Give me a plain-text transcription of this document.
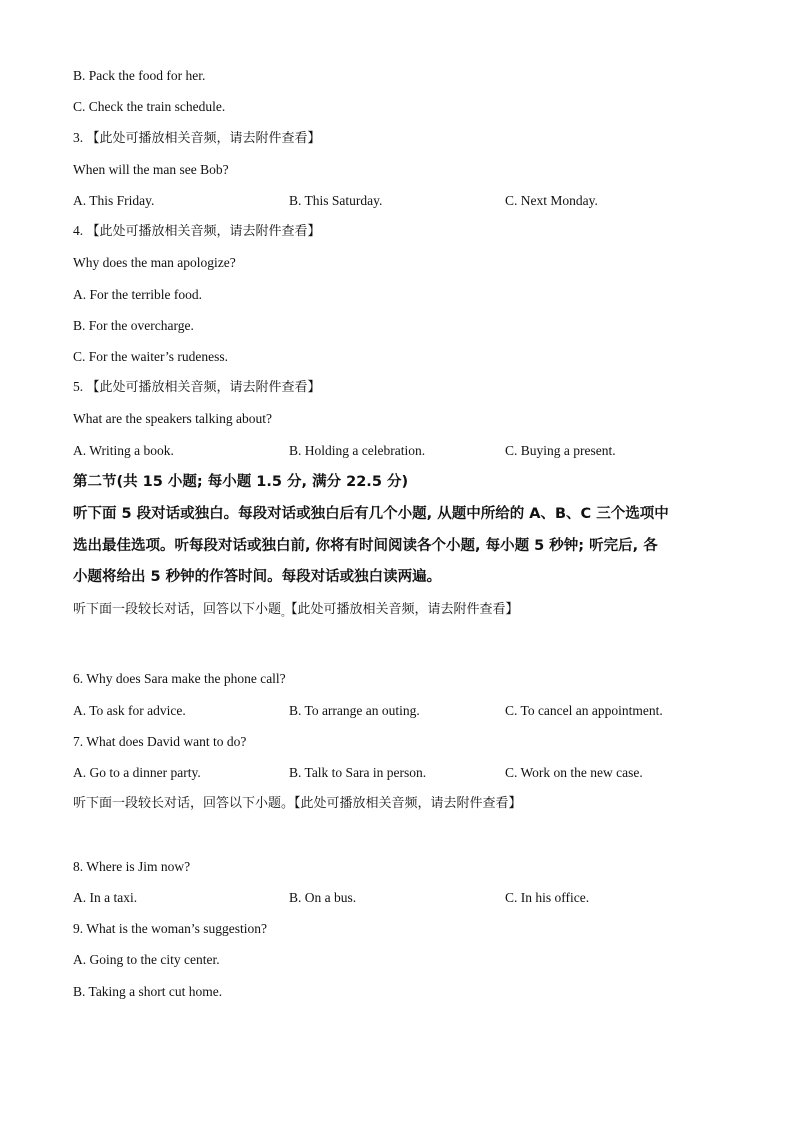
B. Pack the food for her.
C. Check the train schedule.
3. 【此处可播放相关音频，请去附件查看】
When will the man see Bob?
A. This Friday.	B. This Saturday.	C. Next Monday.
4. 【此处可播放相关音频，请去附件查看】
Why does the man apologize?
A. For the terrible food.
B. For the overcharge.
C. For the waiter’s rudeness.
5. 【此处可播放相关音频，请去附件查看】
What are the speakers talking about?
A. Writing a book.	B. Holding a celebration.	C. Buying a present.
第二节(共 15 小题; 每小题 1.5 分, 满分 22.5 分)
听下面 5 段对话或独白。每段对话或独白后有几个小题, 从题中所给的 A、B、C 三个选项中
选出最佳选项。听每段对话或独白前, 你将有时间阅读各个小题, 每小题 5 秒钟; 听完后, 各
小题将给出 5 秒钟的作答时间。每段对话或独白读两遍。
听下面一段较长对话，回答以下小题$_。$【此处可播放相关音频，请去附件查看】
6. Why does Sara make the phone call?
A. To ask for advice.	B. To arrange an outing.	C. To cancel an appointment.
7. What does David want to do?
A. Go to a dinner party.	B. Talk to Sara in person.	C. Work on the new case.
听下面一段较长对话，回答以下小题。【此处可播放相关音频，请去附件查看】
8. Where is Jim now?
A. In a taxi.	B. On a bus.	C. In his office.
9. What is the woman’s suggestion?
A. Going to the city center.
B. Taking a short cut home.
